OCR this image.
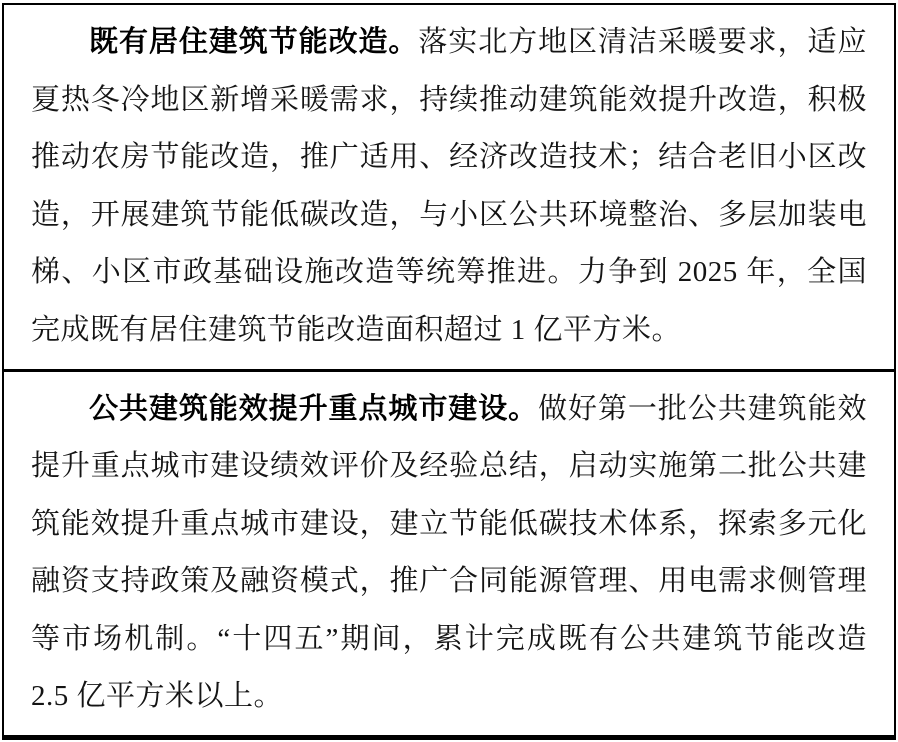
既有居住建筑节能改造。落实北方地区清洁采暖要求，适应夏热冬冷地区新增采暖需求，持续推动建筑能效提升改造，积极推动农房节能改造，推广适用、经济改造技术；结合老旧小区改造，开展建筑节能低碳改造，与小区公共环境整治、多层加装电梯、小区市政基础设施改造等统筹推进。力争到 2025 年，全国完成既有居住建筑节能改造面积超过 1 亿平方米。

公共建筑能效提升重点城市建设。做好第一批公共建筑能效提升重点城市建设绩效评价及经验总结，启动实施第二批公共建筑能效提升重点城市建设，建立节能低碳技术体系，探索多元化融资支持政策及融资模式，推广合同能源管理、用电需求侧管理等市场机制。“十四五”期间，累计完成既有公共建筑节能改造 2.5 亿平方米以上。
